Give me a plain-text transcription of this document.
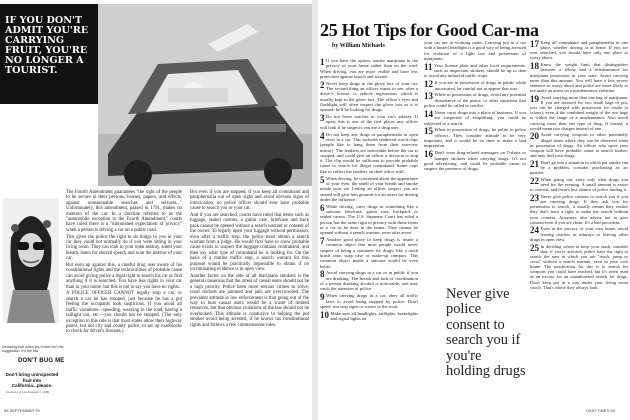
IF YOU DON'T ADMIT YOU'RE CARRYING FRUIT, YOU'RE NO LONGER A TOURIST.
Declaring fruit when you travel isn't the suggestion. It's the law.
DON'T BUG ME
Don't bring uninspected fruit into California...please.
Courtesy of Los Angeles © 1986

The Fourth Amendment guarantees "the right of the people to be secure in their persons, houses, papers, and effects, against unreasonable searches and seizures..." Unfortunately, this amendment, passed in 1791, makes no mention of the car. In a doctrine referred to as the "automobile exception to the Fourth Amendment," courts have ruled there is a "diminished expectation of privacy" when a person is driving a car on a public road.

This gives the police the right to do things to you in your car they could not normally do if you were sitting in your living room. They can look in your open ashtray, smell your breath, listen for slurred speech and scan the interior of your car.

But even up against this, a careful drug user aware of his constitutional rights and the technicalities of probable cause can avoid giving police a legal right to search his car or find anything if it is searched. You have less rights in your car than in your home, but this is not to say you have no rights.

A POLICE OFFICER CANNOT legally stop a car, or search a car he has stopped, just because he has a gut feeling the occupants look suspicious. If you avoid all traffic violations—speeding, weaving in the road, having a taillight out, etc.—you should not be stopped. (The only exception to this rule is that most states allow their highway patrol, but not city and county police, to set up roadblocks to check for driver's licenses.)

But even if you are stopped, if you keep all contraband and paraphernalia out of open sight and avoid obvious signs of intoxication, no police officer should ever have probable cause to search you or your car.

And if you are searched, courts have ruled that items such as luggage, sealed cartons, a guitar case, briefcase and back pack cannot be opened without a search warrant or consent of the owner. To legally open your luggage without permission, even after a traffic stop, the police must obtain a search warrant from a judge. He would first have to show probable cause exists to suspect the luggage contains contraband, and then say what type of contraband he is looking for. On the basis of a routine traffic stop, a search warrant for this purpose would be practically impossible to obtain if no incriminating evidence is in open view.

Another factor on the side of all marijuana smokers is the general consensus that the arrest of casual users should not be a high priority. Police have more serious crimes to solve; court dockets are jammed and jails are overcrowded. The prevalent attitude in law enforcement is that going out of the way to bust casual users would be a waste of limited resources, but that obvious violations of the law should not be overlooked. This attitude is conducive to helping the pot smoker avoid being arrested, if he knows his constitutional rights and follows a few commonsense rules.

58 SEPTEMBER 90
25 Hot Tips for Good Car-ma
by William Michaels
1 If you have the option, smoke marijuana in the privacy of your home rather than on the road. When driving, you are more visible and have less protection against search and seizure.
2 Never keep drugs in the glove box of your car. The second thing an officer wants to see, after a driver's license, is vehicle registration, which is usually kept in the glove box. The officer's eyes and flashlight will often inspect the glove box as it is opened; he'll be looking for drugs.
3 Do not leave roaches in your car's ashtray. If open, this is one of the first places any officer will look if he suspects you are a drug user.
4 Do not keep any drugs or paraphernalia in open view in a car. This includes feathered roach clips (people like to hang them from their rearview mirror). The feathers are noticeable before the car is stopped, and could give an officer a decision to stop it. The clip would be sufficient to provide probable cause to search for illegal contraband. Some cops like to collect the feathers on their office wall.
5 When driving, be concerned about the appearance of your eyes, the smell of your breath and smoke inside your car. Letting an officer suspect you are stoned will give him grounds for an arrest for driving under the influence.
6 While driving, carry drugs in something like a suitcase, briefcase, guitar case, backpack or sealed carton. The U.S. Supreme Court has ruled a person has the same right to privacy with these items in a car as he does in the home. They cannot be opened without a search warrant, even after arrest.
7 Another good place to keep drugs is inside a common object that most people would never suspect of being a container for drugs, like a tooth brush case, soap case or make-up compact. This common object inside a suitcase would be even better.
8 Avoid carrying drugs in a car or in public if you are drinking. The breath and lack of coordination of a person drinking alcohol is noticeable, and may catch the attention of police.
9 When carrying drugs in a car, obey all traffic laws to avoid being stopped by police. Don't speed, run stop signs or weave in the road.
10 Make sure all headlights, taillights, brakelights and signal lights on
your car are in working order. Carrying pot in a car with a busted headlight is a good way of being arrested for violation of a light law and possession of marijuana.
11 Your license plate and other local requirements, such as inspection stickers, should be up to date to avoid any unlawful traffic stops.
12 If you are in possession of drugs in public while intoxicated, be careful not to appear that way.
13 While in possession of drugs, avoid any potential disturbance of the peace, or other situations that police could be called to resolve.
14 Never carry drugs into a place of business. If you are suspected of shoplifting, you could be subjected to a search.
15 When in possession of drugs, be polite to police officers. They consider attitude to be very important, and it would be no time to make a bad impression.
16 Don't wear drug-related messages on T-shirts or bumper stickers when carrying drugs. It's not good advertising, and could be probable cause to suspect the presence of drugs.
Never give police consent to search you if you're holding drugs
17 Keep all contraband and paraphernalia in one place, whether driving or at home. If you are ever searched, you should have only one place to worry about.
18 Know the weight limit that distinguishes between a felony and a misdemeanor for marijuana possession in your state. Avoid carrying more than this amount. You will have a less severe sentence to worry about and police are more likely to not make an arrest on a misdemeanor violation.
19 Avoid carrying more than one bag of marijuana. If you are arrested for two small bags of pot, you can be charged with possession for resale (a felony), even if the combined weight of the two bags is within the range of a misdemeanor. Also avoid carrying more than one type of drug. If busted, it would mean two charges instead of one.
20 Avoid carrying weapons or other potentially illegal items where they can be observed when in possession of drugs. An officer who spots your weapon will have probable cause to search further, and may find your drugs.
21 Don't go into a situation in which pot smoke can be a problem, consider purchasing an air purifier.
22 When going out, carry only what drugs you need for the evening. A small amount is easier to conceal, and there's less chance of police finding it.
23 Never give police consent to search you if you are carrying drugs. If they ask you for permission to search, it usually means they realize they don't have a right to make the search without your consent. Attorneys also advise not to give consent even if you are clean. It's a bad precedent.
24 Even in the privacy of your own home, avoid leaving roaches in ashtrays or leaving other drugs in open view.
25 In deciding where to keep your stash, consider that, if you're arrested, police have the right to search the area in which you are "reach, jump or cross" without a search warrant, even in your own home. The justification for this is to search for weapons you could have reached, but it's often used as an excuse for an unauthorized search for drugs. Don't keep pot in a tray under your living room couch. That's where they always look.
HIGH TIMES 59
